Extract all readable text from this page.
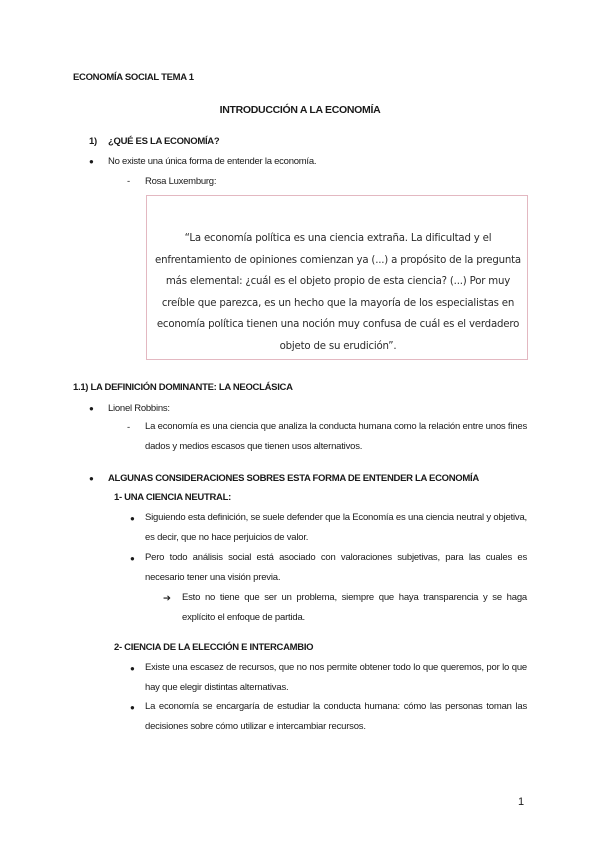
ECONOMÍA SOCIAL TEMA 1
INTRODUCCIÓN A LA ECONOMÍA
1) ¿QUÉ ES LA ECONOMÍA?
● No existe una única forma de entender la economía.
- Rosa Luxemburg:
“La economía política es una ciencia extraña. La dificultad y el enfrentamiento de opiniones comienzan ya (...) a propósito de la pregunta más elemental: ¿cuál es el objeto propio de esta ciencia? (...) Por muy creíble que parezca, es un hecho que la mayoría de los especialistas en economía política tienen una noción muy confusa de cuál es el verdadero objeto de su erudición”.
1.1) LA DEFINICIÓN DOMINANTE: LA NEOCLÁSICA
● Lionel Robbins:
- La economía es una ciencia que analiza la conducta humana como la relación entre unos fines dados y medios escasos que tienen usos alternativos.
● ALGUNAS CONSIDERACIONES SOBRES ESTA FORMA DE ENTENDER LA ECONOMÍA
1- UNA CIENCIA NEUTRAL:
● Siguiendo esta definición, se suele defender que la Economía es una ciencia neutral y objetiva, es decir, que no hace perjuicios de valor.
● Pero todo análisis social está asociado con valoraciones subjetivas, para las cuales es necesario tener una visión previa.
➔ Esto no tiene que ser un problema, siempre que haya transparencia y se haga explícito el enfoque de partida.
2- CIENCIA DE LA ELECCIÓN E INTERCAMBIO
● Existe una escasez de recursos, que no nos permite obtener todo lo que queremos, por lo que hay que elegir distintas alternativas.
● La economía se encargaría de estudiar la conducta humana: cómo las personas toman las decisiones sobre cómo utilizar e intercambiar recursos.
1
